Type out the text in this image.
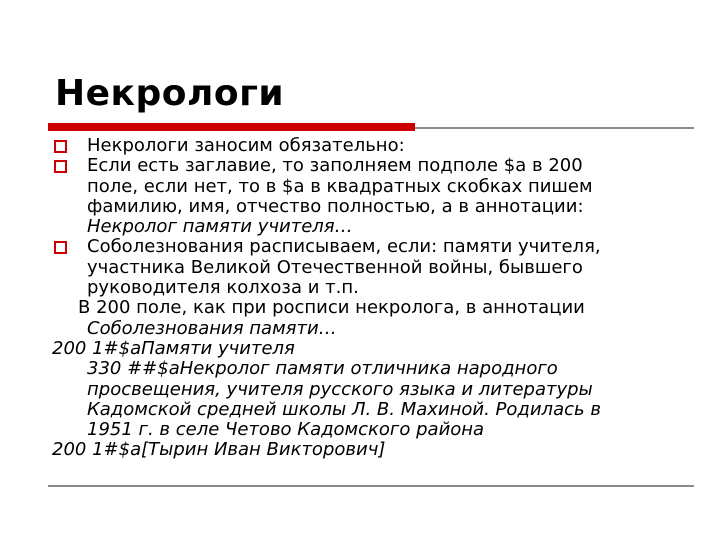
Некрологи
Некрологи заносим обязательно:
Если есть заглавие, то заполняем подполе $a в 200
поле, если нет, то в $a в квадратных скобках пишем
фамилию, имя, отчество полностью, а в аннотации:
Некролог памяти учителя…
Соболезнования расписываем, если: памяти учителя,
участника Великой Отечественной войны, бывшего
руководителя колхоза и т.п.
В 200 поле, как при росписи некролога, в аннотации
Соболезнования памяти…
200 1#$aПамяти учителя
330 ##$aНекролог памяти отличника народного
просвещения, учителя русского языка и литературы
Кадомской средней школы Л. В. Махиной. Родилась в
1951 г. в селе Четово Кадомского района
200 1#$a[Тырин Иван Викторович]
